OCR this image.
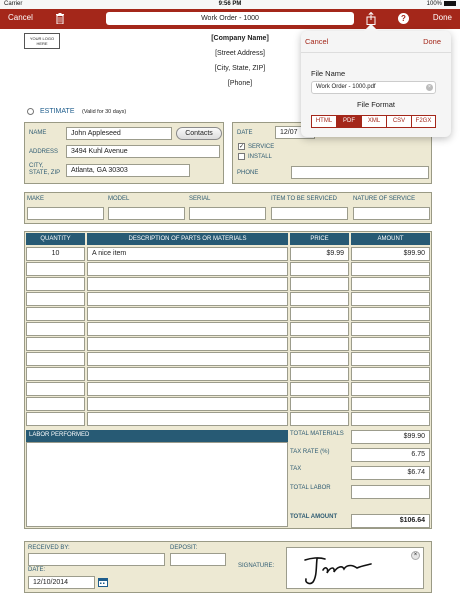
Carrier	9:56 PM	100%
Cancel	Work Order - 1000	?	Done
YOUR LOGO HERE
[Company Name]
[Street Address]
[City, State, ZIP]
[Phone]
ESTIMATE (Valid for 30 days)
NAME	John Appleseed	Contacts
ADDRESS	3494 Kuhl Avenue
CITY, STATE, ZIP	Atlanta, GA 30303
DATE	12/07
✓ SERVICE
INSTALL
PHONE
MAKE	MODEL	SERIAL	ITEM TO BE SERVICED	NATURE OF SERVICE
QUANTITY	DESCRIPTION OF PARTS OR MATERIALS	PRICE	AMOUNT
10	A nice item	$9.99	$99.90
LABOR PERFORMED	TOTAL MATERIALS	$99.90
TAX RATE (%)	6.75
TAX	$6.74
TOTAL LABOR
TOTAL AMOUNT	$106.64
RECEIVED BY:	DEPOSIT:
DATE:
12/10/2014
SIGNATURE:
×
Cancel	Done
File Name
Work Order - 1000.pdf	×
File Format
HTML	PDF	XML	CSV	F2GX
